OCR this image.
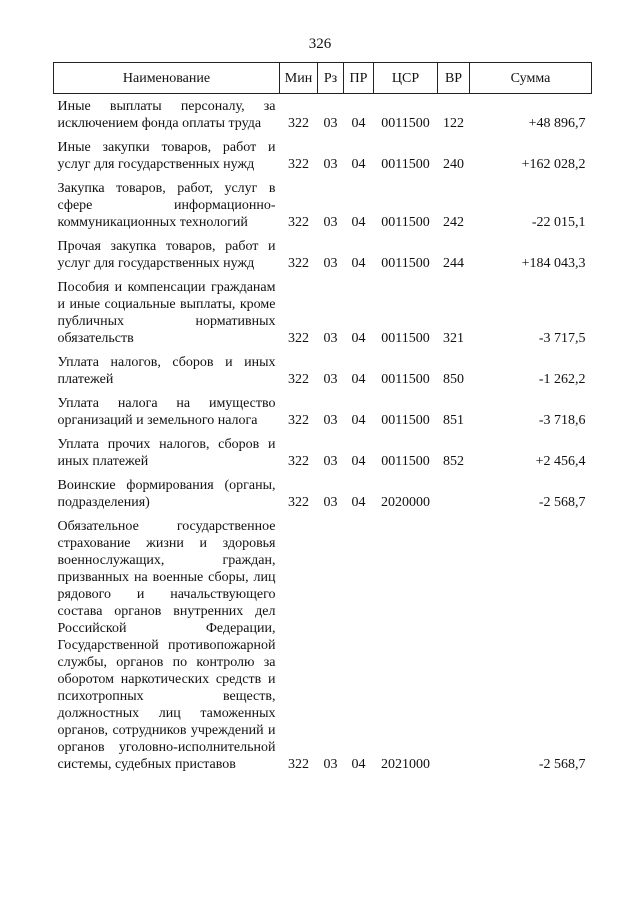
326
Наименование	Мин	Рз	ПР	ЦСР	ВР	Сумма
Иные выплаты персоналу, за исключением фонда оплаты труда	322	03	04	0011500	122	+48 896,7
Иные закупки товаров, работ и услуг для государственных нужд	322	03	04	0011500	240	+162 028,2
Закупка товаров, работ, услуг в сфере информационно-коммуникационных технологий	322	03	04	0011500	242	-22 015,1
Прочая закупка товаров, работ и услуг для государственных нужд	322	03	04	0011500	244	+184 043,3
Пособия и компенсации гражданам и иные социальные выплаты, кроме публичных нормативных обязательств	322	03	04	0011500	321	-3 717,5
Уплата налогов, сборов и иных платежей	322	03	04	0011500	850	-1 262,2
Уплата налога на имущество организаций и земельного налога	322	03	04	0011500	851	-3 718,6
Уплата прочих налогов, сборов и иных платежей	322	03	04	0011500	852	+2 456,4
Воинские формирования (органы, подразделения)	322	03	04	2020000		-2 568,7
Обязательное государственное страхование жизни и здоровья военнослужащих, граждан, призванных на военные сборы, лиц рядового и начальствующего состава органов внутренних дел Российской Федерации, Государственной противопожарной службы, органов по контролю за оборотом наркотических средств и психотропных веществ, должностных лиц таможенных органов, сотрудников учреждений и органов уголовно-исполнительной системы, судебных приставов	322	03	04	2021000		-2 568,7
